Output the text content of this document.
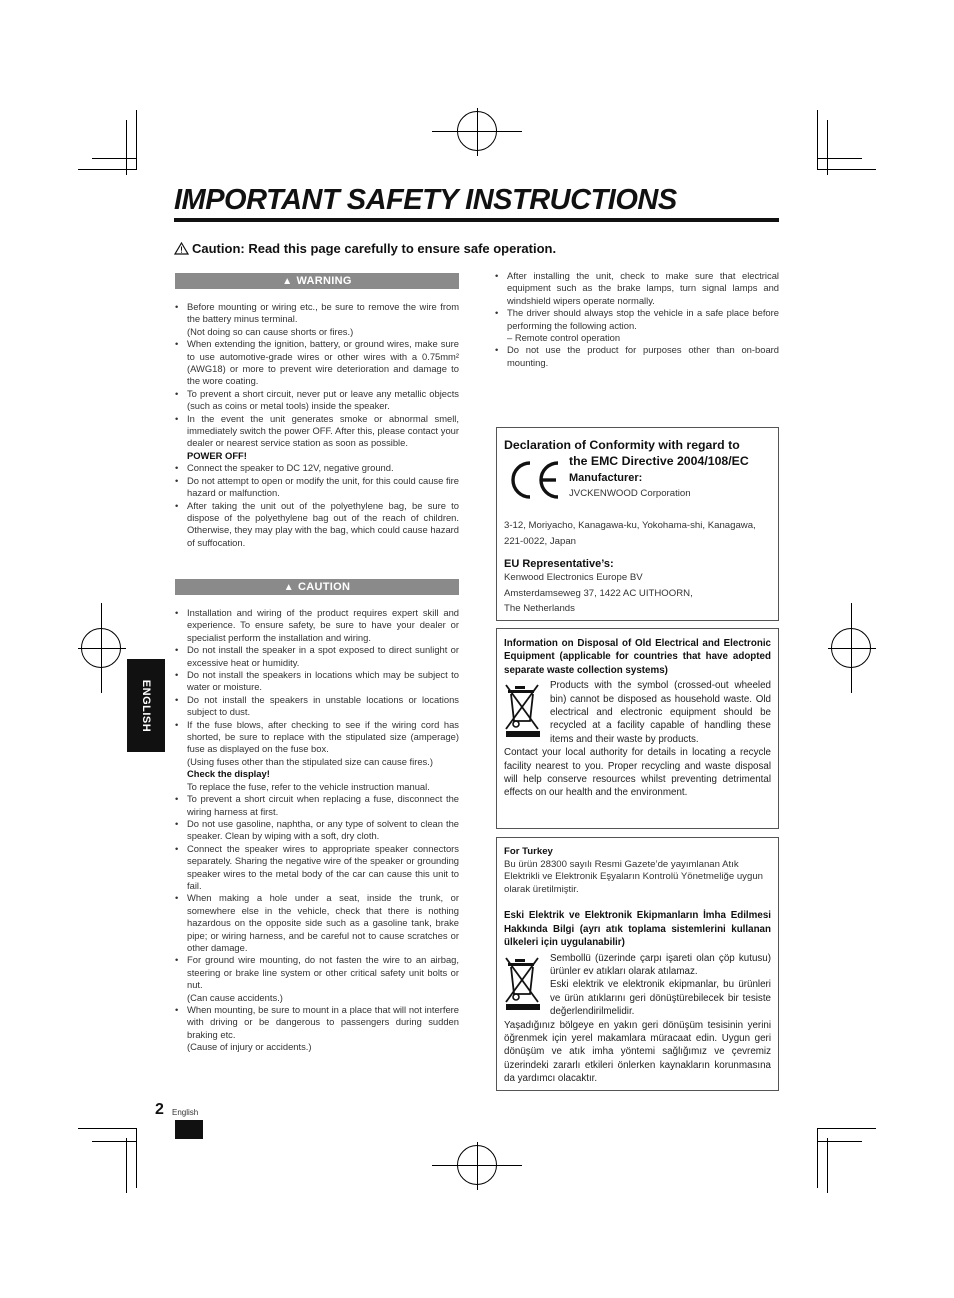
IMPORTANT SAFETY INSTRUCTIONS
Caution: Read this page carefully to ensure safe operation.
ENGLISH
▲ WARNING
• Before mounting or wiring etc., be sure to remove the wire from the battery minus terminal.
(Not doing so can cause shorts or fires.)
• When extending the ignition, battery, or ground wires, make sure to use automotive-grade wires or other wires with a 0.75mm² (AWG18) or more to prevent wire deterioration and damage to the wore coating.
• To prevent a short circuit, never put or leave any metallic objects (such as coins or metal tools) inside the speaker.
• In the event the unit generates smoke or abnormal smell, immediately switch the power OFF. After this, please contact your dealer or nearest service station as soon as possible.
POWER OFF!
• Connect the speaker to DC 12V, negative ground.
• Do not attempt to open or modify the unit, for this could cause fire hazard or malfunction.
• After taking the unit out of the polyethylene bag, be sure to dispose of the polyethylene bag out of the reach of children. Otherwise, they may play with the bag, which could cause hazard of suffocation.
▲ CAUTION
• Installation and wiring of the product requires expert skill and experience. To ensure safety, be sure to have your dealer or specialist perform the installation and wiring.
• Do not install the speaker in a spot exposed to direct sunlight or excessive heat or humidity.
• Do not install the speakers in locations which may be subject to water or moisture.
• Do not install the speakers in unstable locations or locations subject to dust.
• If the fuse blows, after checking to see if the wiring cord has shorted, be sure to replace with the stipulated size (amperage) fuse as displayed on the fuse box.
(Using fuses other than the stipulated size can cause fires.)
Check the display!
To replace the fuse, refer to the vehicle instruction manual.
• To prevent a short circuit when replacing a fuse, disconnect the wiring harness at first.
• Do not use gasoline, naphtha, or any type of solvent to clean the speaker. Clean by wiping with a soft, dry cloth.
• Connect the speaker wires to appropriate speaker connectors separately. Sharing the negative wire of the speaker or grounding speaker wires to the metal body of the car can cause this unit to fail.
• When making a hole under a seat, inside the trunk, or somewhere else in the vehicle, check that there is nothing hazardous on the opposite side such as a gasoline tank, brake pipe; or wiring harness, and be careful not to cause scratches or other damage.
• For ground wire mounting, do not fasten the wire to an airbag, steering or brake line system or other critical safety unit bolts or nut.
(Can cause accidents.)
• When mounting, be sure to mount in a place that will not interfere with driving or be dangerous to passengers during sudden braking etc.
(Cause of injury or accidents.)
• After installing the unit, check to make sure that electrical equipment such as the brake lamps, turn signal lamps and windshield wipers operate normally.
• The driver should always stop the vehicle in a safe place before performing the following action.
– Remote control operation
• Do not use the product for purposes other than on-board mounting.
Declaration of Conformity with regard to
the EMC Directive 2004/108/EC
Manufacturer:
JVCKENWOOD Corporation
3-12, Moriyacho, Kanagawa-ku, Yokohama-shi, Kanagawa,
221-0022, Japan
EU Representative’s:
Kenwood Electronics Europe BV
Amsterdamseweg 37, 1422 AC UITHOORN,
The Netherlands
Information on Disposal of Old Electrical and Electronic Equipment (applicable for countries that have adopted separate waste collection systems)
Products with the symbol (crossed-out wheeled bin) cannot be disposed as household waste. Old electrical and electronic equipment should be recycled at a facility capable of handling these items and their waste by products.
Contact your local authority for details in locating a recycle facility nearest to you. Proper recycling and waste disposal will help conserve resources whilst preventing detrimental effects on our health and the environment.
For Turkey
Bu ürün 28300 sayılı Resmi Gazete’de yayımlanan Atık Elektrikli ve Elektronik Eşyaların Kontrolü Yönetmeliğe uygun olarak üretilmiştir.
Eski Elektrik ve Elektronik Ekipmanların İmha Edilmesi Hakkında Bilgi (ayrı atık toplama sistemlerini kullanan ülkeleri için uygulanabilir)
Sembollü (üzerinde çarpı işareti olan çöp kutusu) ürünler ev atıkları olarak atılamaz.
Eski elektrik ve elektronik ekipmanlar, bu ürünleri ve ürün atıklarını geri dönüştürebilecek bir tesiste değerlendirilmelidir.
Yaşadığınız bölgeye en yakın geri dönüşüm tesisinin yerini öğrenmek için yerel makamlara müracaat edin. Uygun geri dönüşüm ve atık imha yöntemi sağlığımız ve çevremiz üzerindeki zararlı etkileri önlerken kaynakların korunmasına da yardımcı olacaktır.
2 English
